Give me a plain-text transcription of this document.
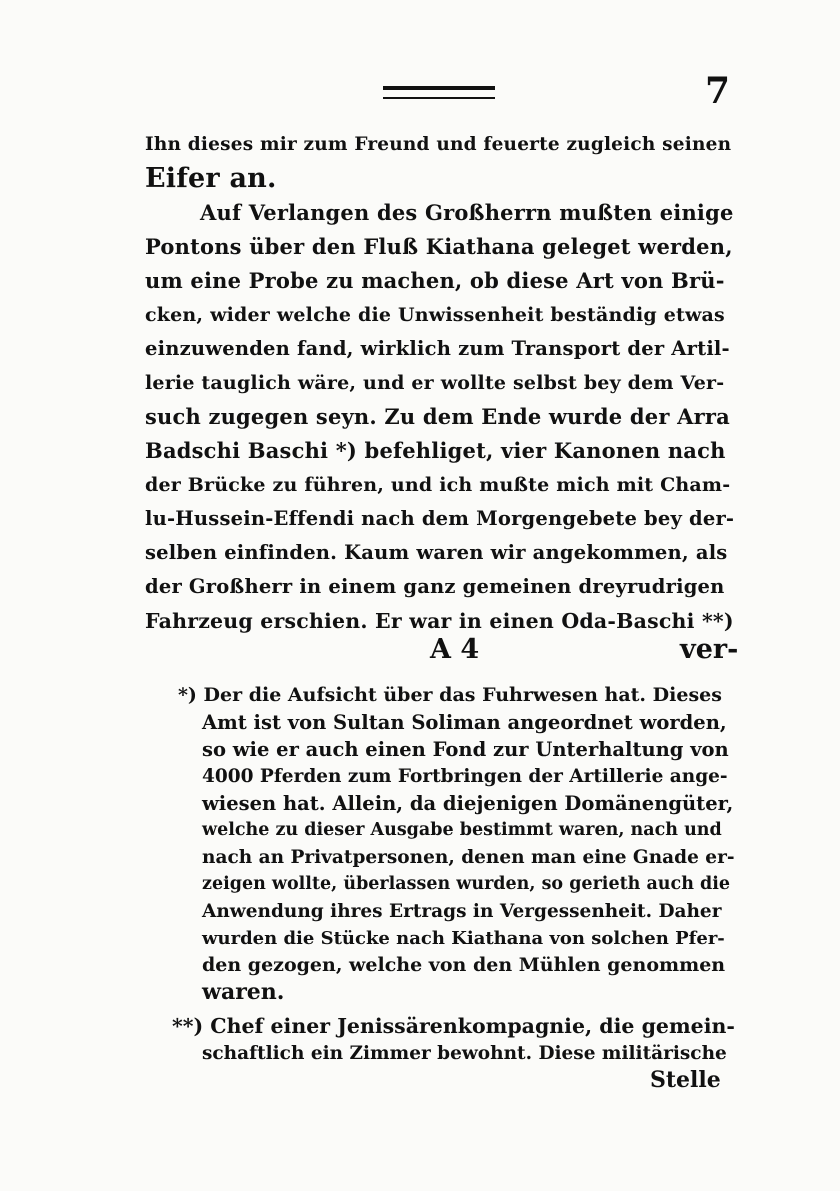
7
Ihn dieses mir zum Freund und feuerte zugleich seinen
Eifer an.
Auf Verlangen des Großherrn mußten einige
Pontons über den Fluß Kiathana geleget werden,
um eine Probe zu machen, ob diese Art von Brü-
cken, wider welche die Unwissenheit beständig etwas
einzuwenden fand, wirklich zum Transport der Artil-
lerie tauglich wäre, und er wollte selbst bey dem Ver-
such zugegen seyn. Zu dem Ende wurde der Arra
Badschi Baschi *) befehliget, vier Kanonen nach
der Brücke zu führen, und ich mußte mich mit Cham-
lu-Hussein-Effendi nach dem Morgengebete bey der-
selben einfinden. Kaum waren wir angekommen, als
der Großherr in einem ganz gemeinen dreyrudrigen
Fahrzeug erschien. Er war in einen Oda-Baschi **)
A 4	ver-
*) Der die Aufsicht über das Fuhrwesen hat. Dieses
Amt ist von Sultan Soliman angeordnet worden,
so wie er auch einen Fond zur Unterhaltung von
4000 Pferden zum Fortbringen der Artillerie ange-
wiesen hat. Allein, da diejenigen Domänengüter,
welche zu dieser Ausgabe bestimmt waren, nach und
nach an Privatpersonen, denen man eine Gnade er-
zeigen wollte, überlassen wurden, so gerieth auch die
Anwendung ihres Ertrags in Vergessenheit. Daher
wurden die Stücke nach Kiathana von solchen Pfer-
den gezogen, welche von den Mühlen genommen
waren.
**) Chef einer Jenissärenkompagnie, die gemein-
schaftlich ein Zimmer bewohnt. Diese militärische
Stelle
